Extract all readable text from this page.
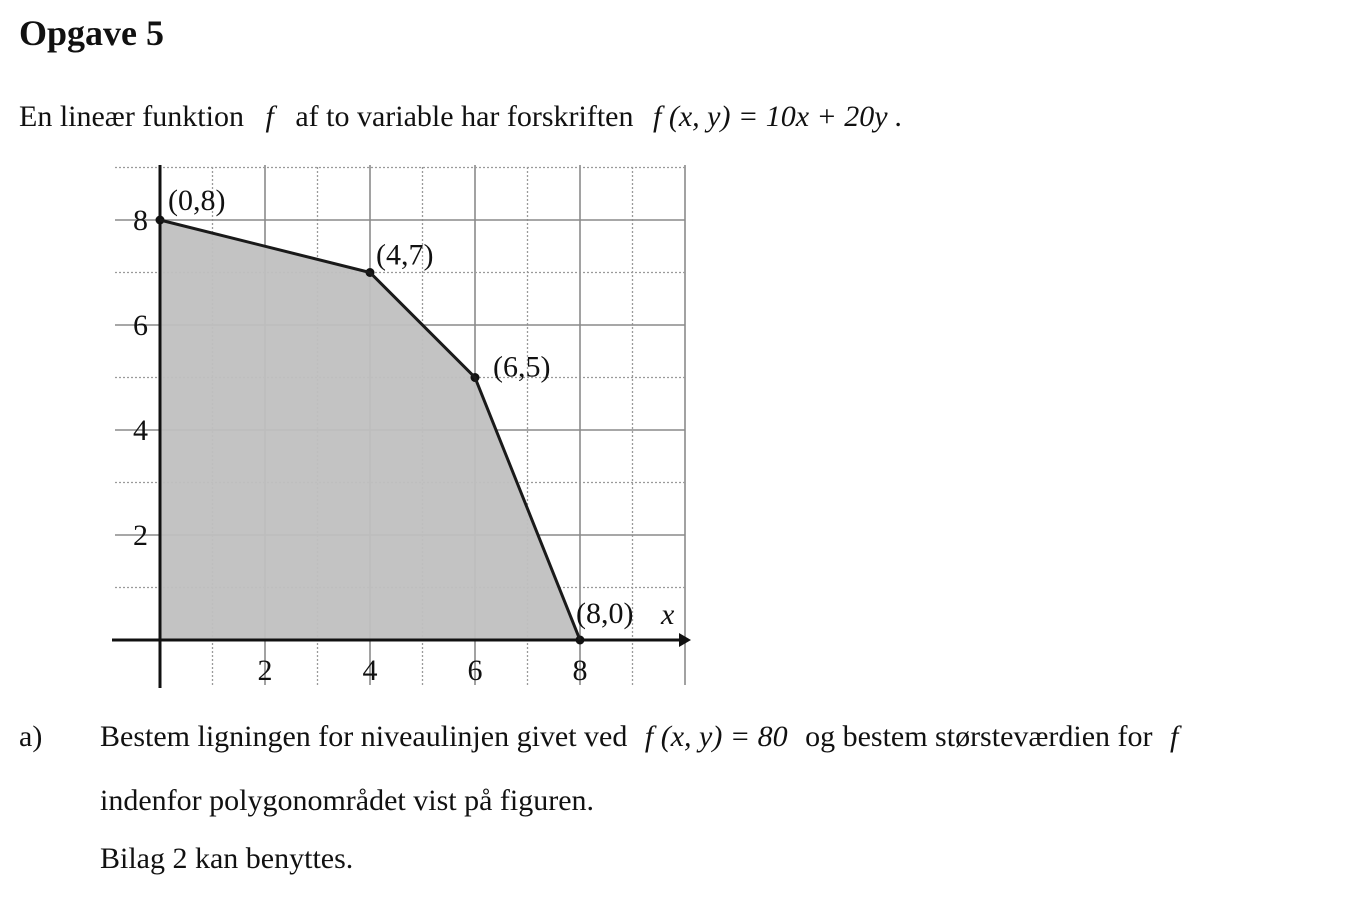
Opgave 5
En lineær funktion f af to variable har forskriften f (x, y) = 10x + 20y .
x
2	4	6	8
2
4
6
8
(0,8)
(4,7)
(6,5)
(8,0)
a) Bestem ligningen for niveaulinjen givet ved f (x, y) = 80 og bestem størsteværdien for f
indenfor polygonområdet vist på figuren.
Bilag 2 kan benyttes.
